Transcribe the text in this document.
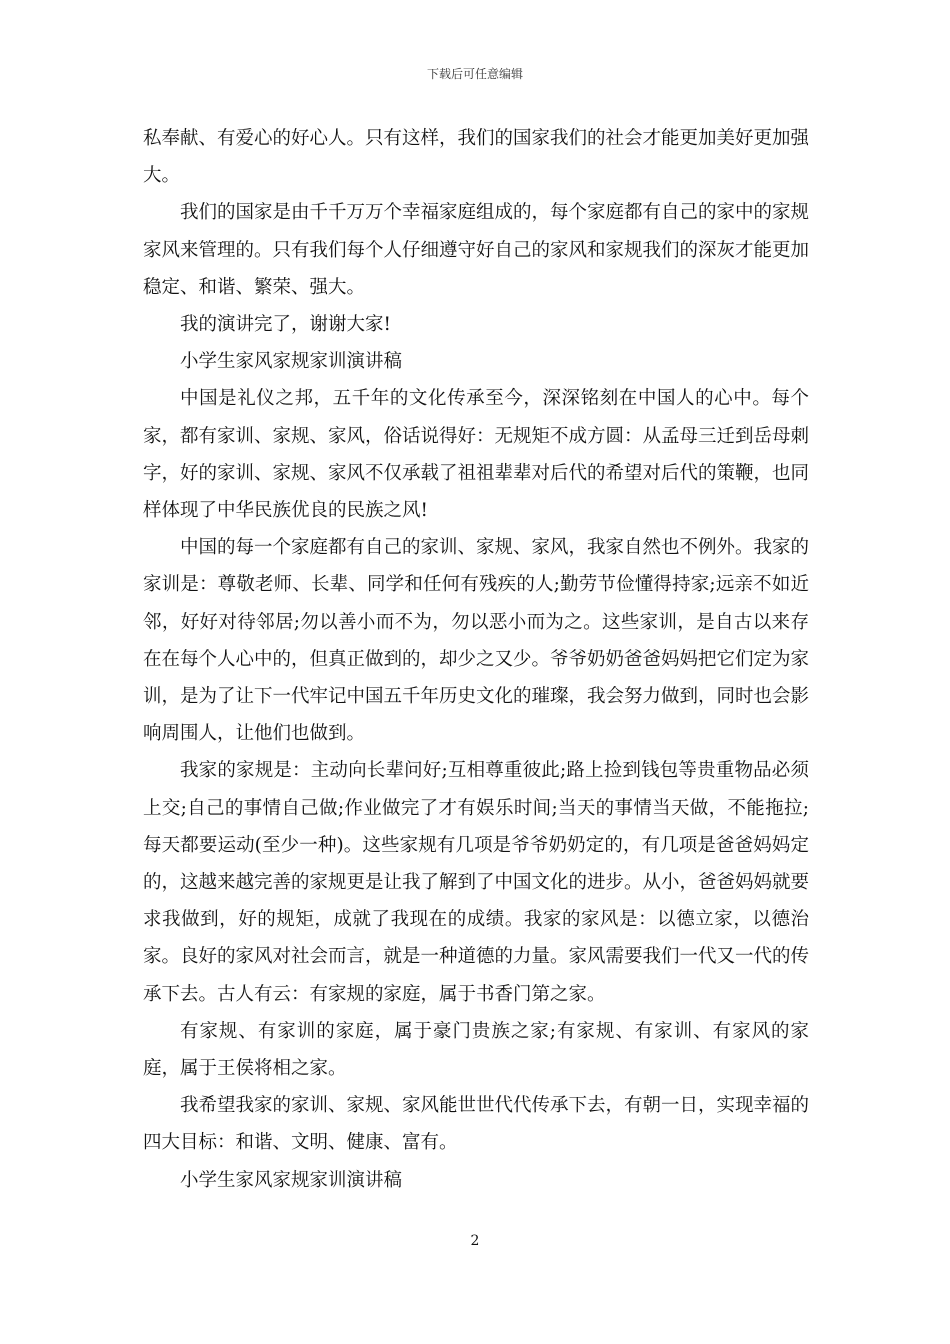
下载后可任意编辑

私奉献、有爱心的好心人。只有这样，我们的国家我们的社会才能更加美好更加强大。

我们的国家是由千千万万个幸福家庭组成的，每个家庭都有自己的家中的家规家风来管理的。只有我们每个人仔细遵守好自己的家风和家规我们的深灰才能更加稳定、和谐、繁荣、强大。

我的演讲完了，谢谢大家!

小学生家风家规家训演讲稿

中国是礼仪之邦，五千年的文化传承至今，深深铭刻在中国人的心中。每个家，都有家训、家规、家风，俗话说得好：无规矩不成方圆：从孟母三迁到岳母刺字，好的家训、家规、家风不仅承载了祖祖辈辈对后代的希望对后代的策鞭，也同样体现了中华民族优良的民族之风!

中国的每一个家庭都有自己的家训、家规、家风，我家自然也不例外。我家的家训是：尊敬老师、长辈、同学和任何有残疾的人;勤劳节俭懂得持家;远亲不如近邻，好好对待邻居;勿以善小而不为，勿以恶小而为之。这些家训，是自古以来存在在每个人心中的，但真正做到的，却少之又少。爷爷奶奶爸爸妈妈把它们定为家训，是为了让下一代牢记中国五千年历史文化的璀璨，我会努力做到，同时也会影响周围人，让他们也做到。

我家的家规是：主动向长辈问好;互相尊重彼此;路上捡到钱包等贵重物品必须上交;自己的事情自己做;作业做完了才有娱乐时间;当天的事情当天做，不能拖拉;每天都要运动(至少一种)。这些家规有几项是爷爷奶奶定的，有几项是爸爸妈妈定的，这越来越完善的家规更是让我了解到了中国文化的进步。从小，爸爸妈妈就要求我做到，好的规矩，成就了我现在的成绩。我家的家风是：以德立家，以德治家。良好的家风对社会而言，就是一种道德的力量。家风需要我们一代又一代的传承下去。古人有云：有家规的家庭，属于书香门第之家。

有家规、有家训的家庭，属于豪门贵族之家;有家规、有家训、有家风的家庭，属于王侯将相之家。

我希望我家的家训、家规、家风能世世代代传承下去，有朝一日，实现幸福的四大目标：和谐、文明、健康、富有。

小学生家风家规家训演讲稿

2
